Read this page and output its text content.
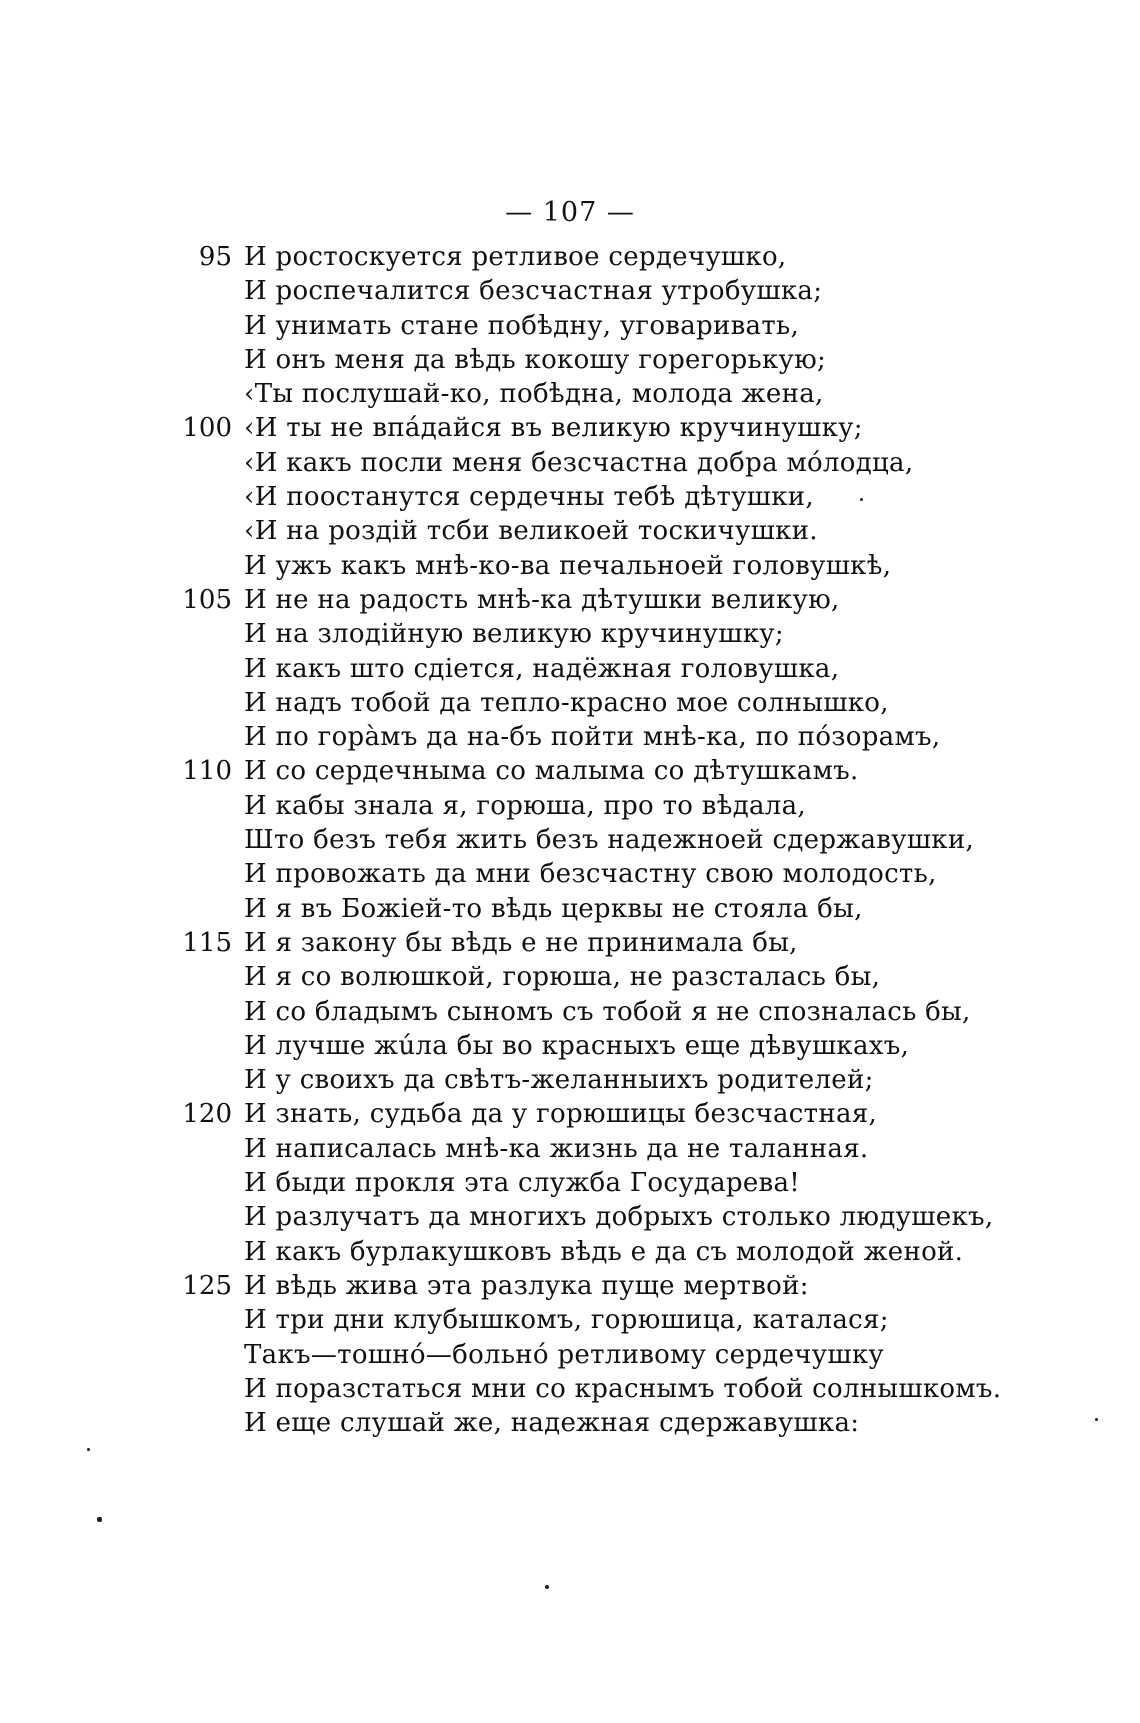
— 107 —
95 И ростоскуется ретливое сердечушко,
И роспечалится безсчастная утробушка;
И унимать стане побѣдну, уговаривать,
И онъ меня да вѣдь кокошу горегорькую;
‹Ты послушай-ко, побѣдна, молода жена,
100 ‹И ты не впáдайся въ великую кручинушку;
‹И какъ посли меня безсчастна добра мóлодца,
‹И поостанутся сердечны тебѣ дѣтушки,
‹И на роздій тсби великоей тоскичушки.
И ужъ какъ мнѣ-ко-ва печальноей головушкѣ,
105 И не на радость мнѣ-ка дѣтушки великую,
И на злодійную великую кручинушку;
И какъ што сдіется, надёжная головушка,
И надъ тобой да тепло-красно мое солнышко,
И по горàмъ да на-бъ пойти мнѣ-ка, по пóзорамъ,
110 И со сердечныма со малыма со дѣтушкамъ.
И кабы знала я, горюша, про то вѣдала,
Што безъ тебя жить безъ надежноей сдержавушки,
И провожать да мни безсчастну свою молодость,
И я въ Божіей-то вѣдь церквы не стояла бы,
115 И я закону бы вѣдь е не принимала бы,
И я со волюшкой, горюша, не разсталась бы,
И со бладымъ сыномъ съ тобой я не спозналась бы,
И лучше жúла бы во красныхъ еще дѣвушкахъ,
И у своихъ да свѣтъ-желанныихъ родителей;
120 И знать, судьба да у горюшицы безсчастная,
И написалась мнѣ-ка жизнь да не таланная.
И быди прокля эта служба Государева!
И разлучатъ да многихъ добрыхъ столько людушекъ,
И какъ бурлакушковъ вѣдь е да съ молодой женой.
125 И вѣдь жива эта разлука пуще мертвой:
И три дни клубышкомъ, горюшица, каталася;
Такъ—тошнó—больнó ретливому сердечушку
И поразстаться мни со краснымъ тобой солнышкомъ.
И еще слушай же, надежная сдержавушка:
